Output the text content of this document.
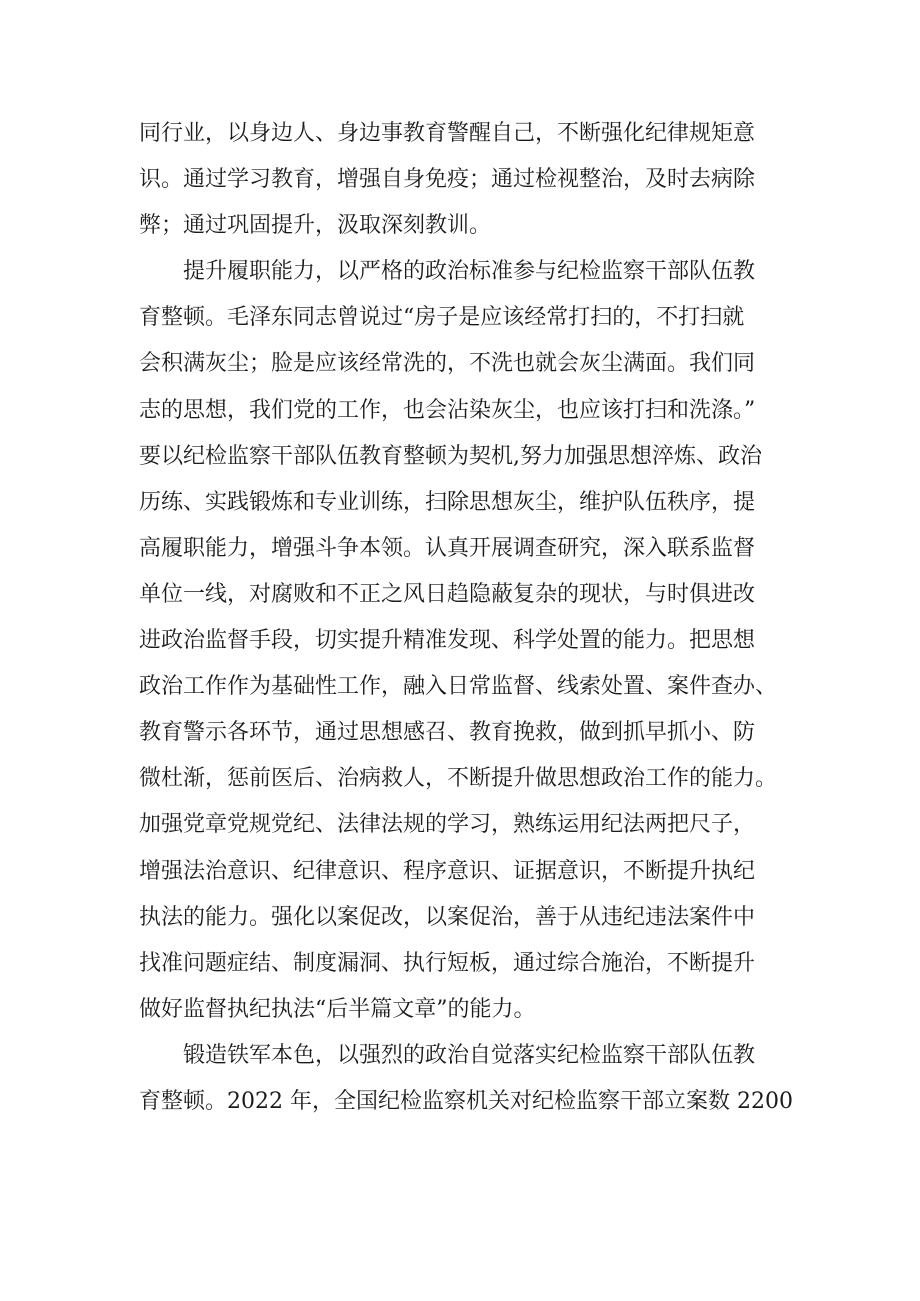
同行业，以身边人、身边事教育警醒自己，不断强化纪律规矩意
识。通过学习教育，增强自身免疫；通过检视整治，及时去病除
弊；通过巩固提升，汲取深刻教训。
提升履职能力，以严格的政治标准参与纪检监察干部队伍教
育整顿。毛泽东同志曾说过“房子是应该经常打扫的，不打扫就
会积满灰尘；脸是应该经常洗的，不洗也就会灰尘满面。我们同
志的思想，我们党的工作，也会沾染灰尘，也应该打扫和洗涤。”
要以纪检监察干部队伍教育整顿为契机,努力加强思想淬炼、政治
历练、实践锻炼和专业训练，扫除思想灰尘，维护队伍秩序，提
高履职能力，增强斗争本领。认真开展调查研究，深入联系监督
单位一线，对腐败和不正之风日趋隐蔽复杂的现状，与时俱进改
进政治监督手段，切实提升精准发现、科学处置的能力。把思想
政治工作作为基础性工作，融入日常监督、线索处置、案件查办、
教育警示各环节，通过思想感召、教育挽救，做到抓早抓小、防
微杜渐，惩前医后、治病救人，不断提升做思想政治工作的能力。
加强党章党规党纪、法律法规的学习，熟练运用纪法两把尺子，
增强法治意识、纪律意识、程序意识、证据意识，不断提升执纪
执法的能力。强化以案促改，以案促治，善于从违纪违法案件中
找准问题症结、制度漏洞、执行短板，通过综合施治，不断提升
做好监督执纪执法“后半篇文章”的能力。
锻造铁军本色，以强烈的政治自觉落实纪检监察干部队伍教
育整顿。2022 年，全国纪检监察机关对纪检监察干部立案数 2200
